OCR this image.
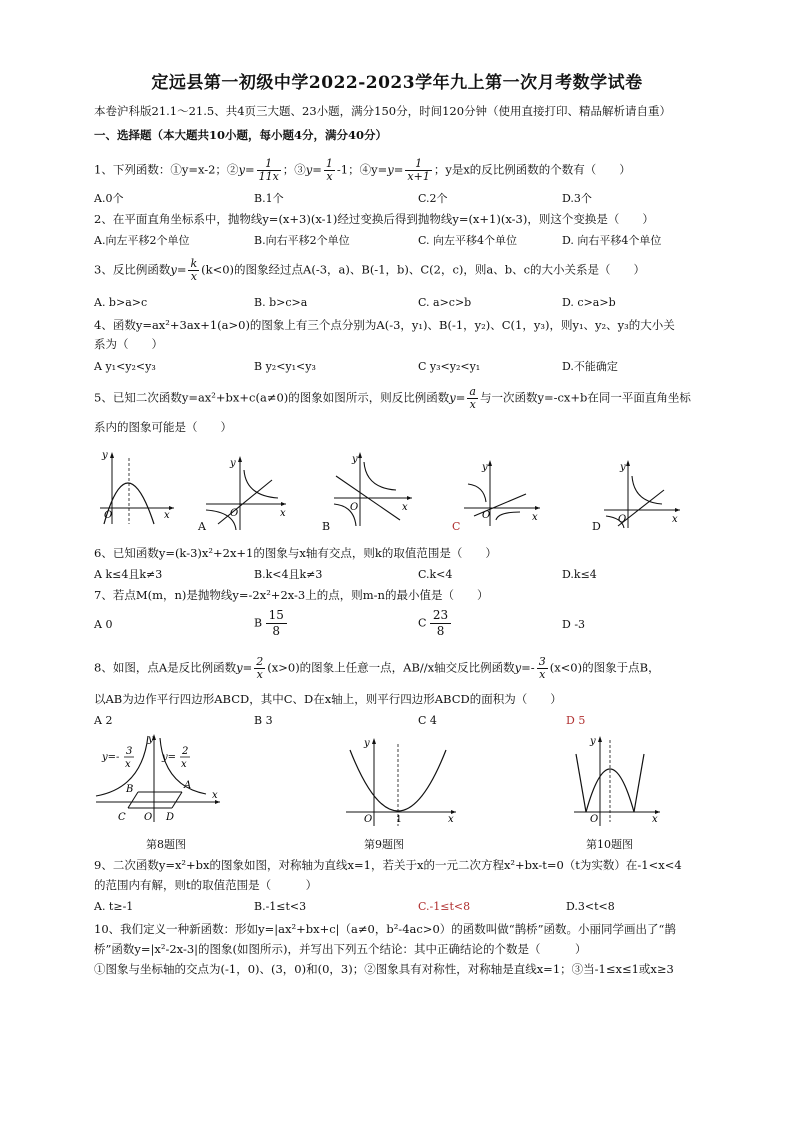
定远县第一初级中学2022-2023学年九上第一次月考数学试卷
本卷沪科版21.1～21.5、共4页三大题、23小题，满分150分，时间120分钟（使用直接打印、精品解析请自重）
一、选择题（本大题共10小题，每小题4分，满分40分）
1、下列函数：①y=x-2；②y= $\frac{1}{11x}$ ；③y= $\frac{1}{x} -1$；④y=y= $\frac{1}{x+1}$ ；y是x的反比例函数的个数有（　　）
A.0个	B.1个	C.2个	D.3个
2、在平面直角坐标系中，抛物线y=(x+3)(x-1)经过变换后得到抛物线y=(x+1)(x-3)，则这个变换是（　　）
A.向左平移2个单位	B.向右平移2个单位	C. 向左平移4个单位	D. 向右平移4个单位
3、反比例函数$y= \frac{k}{x} (k<0)$的图象经过点A(-3，a)、B(-1，b)、C(2，c)，则a、b、c的大小关系是（　　）
A. b>a>c	B. b>c>a	C. a>c>b	D. c>a>b
4、函数y=ax²+3ax+1(a>0)的图象上有三个点分别为A(-3，y₁)、B(-1，y₂)、C(1，y₃)，则y₁、y₂、y₃的大小关
系为（　　）
A y₁<y₂<y₃	B y₂<y₁<y₃	C y₃<y₂<y₁	D.不能确定
5、已知二次函数y=ax²+bx+c(a≠0)的图象如图所示，则反比例函数$y= \frac{a}{x}$ 与一次函数y=-cx+b在同一平面直角坐标
系内的图象可能是（　　）
y
O	x
y
O	x
A
y
O	x
B
y
O	x
C
y
O	x
D
6、已知函数y=(k-3)x²+2x+1的图象与x轴有交点，则k的取值范围是（　　）
A k≤4且k≠3	B.k<4且k≠3	C.k<4	D.k≤4
7、若点M(m，n)是抛物线y=-2x²+2x-3上的点，则m-n的最小值是（　　）
A 0	B $\frac{15}{8}$	C $\frac{23}{8}$	D -3
8、如图，点A是反比例函数$y= \frac{2}{x} (x>0)$的图象上任意一点，AB//x轴交反比例函数$y=- \frac{3}{x} (x<0)$的图象于点B，
以AB为边作平行四边形ABCD，其中C、D在x轴上，则平行四边形ABCD的面积为（　　）
A 2	B 3	C 4	D 5
y=-
3
x
y=
2
x
B	A
C O D
y
x
第8题图
y
O	1	x
第9题图
y
O	x
第10题图
9、二次函数y=x²+bx的图象如图，对称轴为直线x=1，若关于x的一元二次方程x²+bx-t=0（t为实数）在-1<x<4
的范围内有解，则t的取值范围是（　　　）
A. t≥-1	B.-1≤t<3	C.-1≤t<8	D.3<t<8
10、我们定义一种新函数：形如y=|ax²+bx+c|（a≠0，b²-4ac>0）的函数叫做“鹊桥”函数。小丽同学画出了“鹊
桥”函数y=|x²-2x-3|的图象(如图所示)，并写出下列五个结论：其中正确结论的个数是（　　　）
①图象与坐标轴的交点为(-1，0)、(3，0)和(0，3)；②图象具有对称性，对称轴是直线x=1；③当-1≤x≤1或x≥3
